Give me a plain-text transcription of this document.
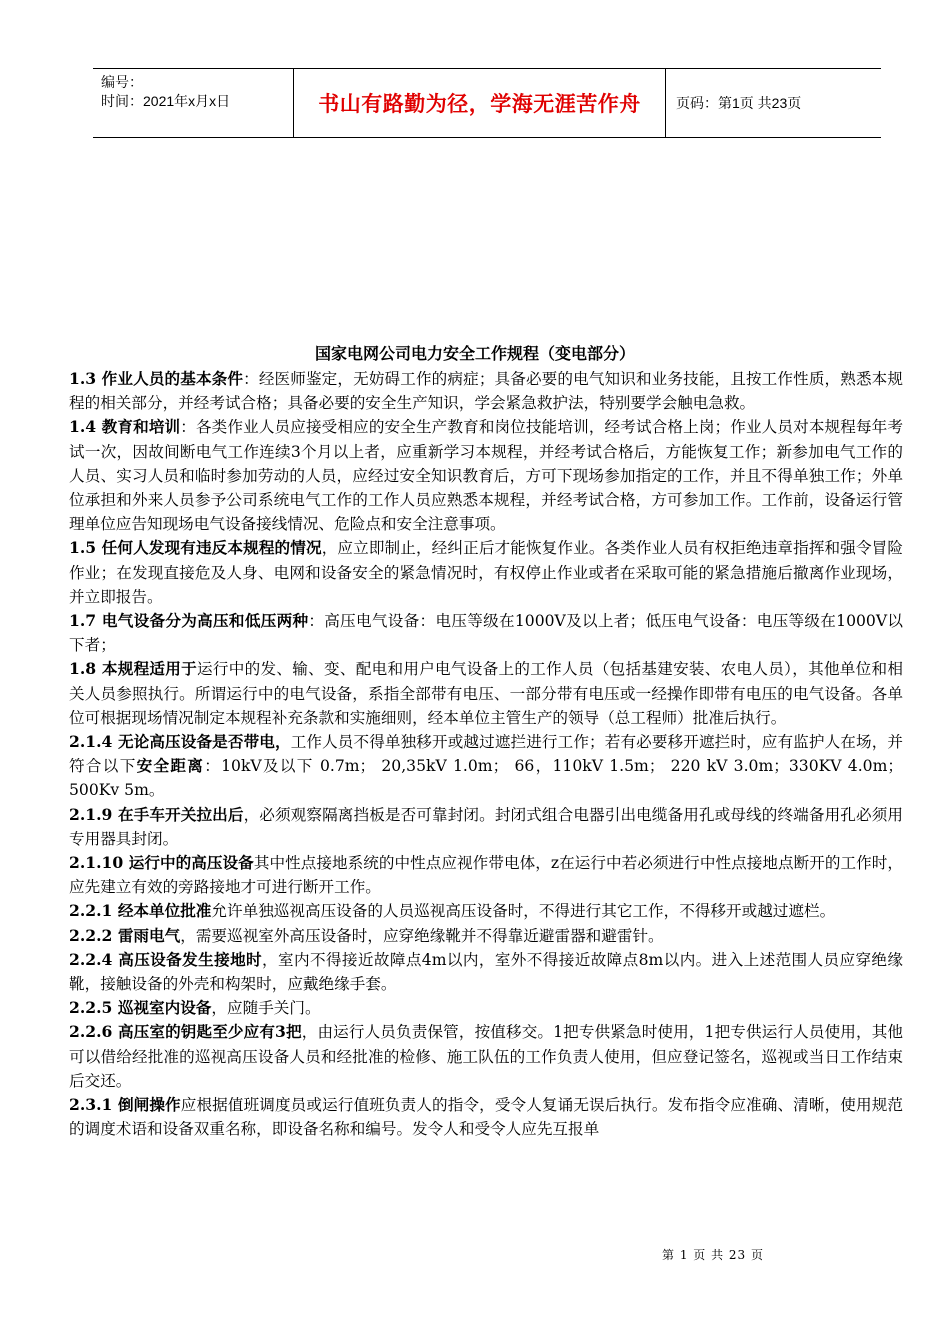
编号：
时间：2021年x月x日	书山有路勤为径，学海无涯苦作舟	页码：第1页 共23页
国家电网公司电力安全工作规程（变电部分）

1.3 作业人员的基本条件：经医师鉴定，无妨碍工作的病症；具备必要的电气知识和业务技能，且按工作性质，熟悉本规程的相关部分，并经考试合格；具备必要的安全生产知识，学会紧急救护法，特别要学会触电急救。

1.4 教育和培训：各类作业人员应接受相应的安全生产教育和岗位技能培训，经考试合格上岗；作业人员对本规程每年考试一次，因故间断电气工作连续3个月以上者，应重新学习本规程，并经考试合格后，方能恢复工作；新参加电气工作的人员、实习人员和临时参加劳动的人员，应经过安全知识教育后，方可下现场参加指定的工作，并且不得单独工作；外单位承担和外来人员参予公司系统电气工作的工作人员应熟悉本规程，并经考试合格，方可参加工作。工作前，设备运行管理单位应告知现场电气设备接线情况、危险点和安全注意事项。

1.5 任何人发现有违反本规程的情况，应立即制止，经纠正后才能恢复作业。各类作业人员有权拒绝违章指挥和强令冒险作业；在发现直接危及人身、电网和设备安全的紧急情况时，有权停止作业或者在采取可能的紧急措施后撤离作业现场，并立即报告。

1.7 电气设备分为高压和低压两种：高压电气设备：电压等级在1000V及以上者；低压电气设备：电压等级在1000V以下者；

1.8 本规程适用于运行中的发、输、变、配电和用户电气设备上的工作人员（包括基建安装、农电人员），其他单位和相关人员参照执行。所谓运行中的电气设备，系指全部带有电压、一部分带有电压或一经操作即带有电压的电气设备。各单位可根据现场情况制定本规程补充条款和实施细则，经本单位主管生产的领导（总工程师）批准后执行。

2.1.4 无论高压设备是否带电，工作人员不得单独移开或越过遮拦进行工作；若有必要移开遮拦时，应有监护人在场，并符合以下安全距离：10kV及以下 0.7m； 20,35kV 1.0m； 66，110kV 1.5m； 220 kV 3.0m；330KV 4.0m；500Kv 5m。

2.1.9 在手车开关拉出后，必须观察隔离挡板是否可靠封闭。封闭式组合电器引出电缆备用孔或母线的终端备用孔必须用专用器具封闭。

2.1.10 运行中的高压设备其中性点接地系统的中性点应视作带电体，z在运行中若必须进行中性点接地点断开的工作时，应先建立有效的旁路接地才可进行断开工作。

2.2.1 经本单位批准允许单独巡视高压设备的人员巡视高压设备时，不得进行其它工作，不得移开或越过遮栏。

2.2.2 雷雨电气，需要巡视室外高压设备时，应穿绝缘靴并不得靠近避雷器和避雷针。

2.2.4 高压设备发生接地时，室内不得接近故障点4m以内，室外不得接近故障点8m以内。进入上述范围人员应穿绝缘靴，接触设备的外壳和构架时，应戴绝缘手套。

2.2.5 巡视室内设备，应随手关门。

2.2.6 高压室的钥匙至少应有3把，由运行人员负责保管，按值移交。1把专供紧急时使用，1把专供运行人员使用，其他可以借给经批准的巡视高压设备人员和经批准的检修、施工队伍的工作负责人使用，但应登记签名，巡视或当日工作结束后交还。

2.3.1 倒闸操作应根据值班调度员或运行值班负责人的指令，受令人复诵无误后执行。发布指令应准确、清晰，使用规范的调度术语和设备双重名称，即设备名称和编号。发令人和受令人应先互报单

第 1 页 共 23 页
